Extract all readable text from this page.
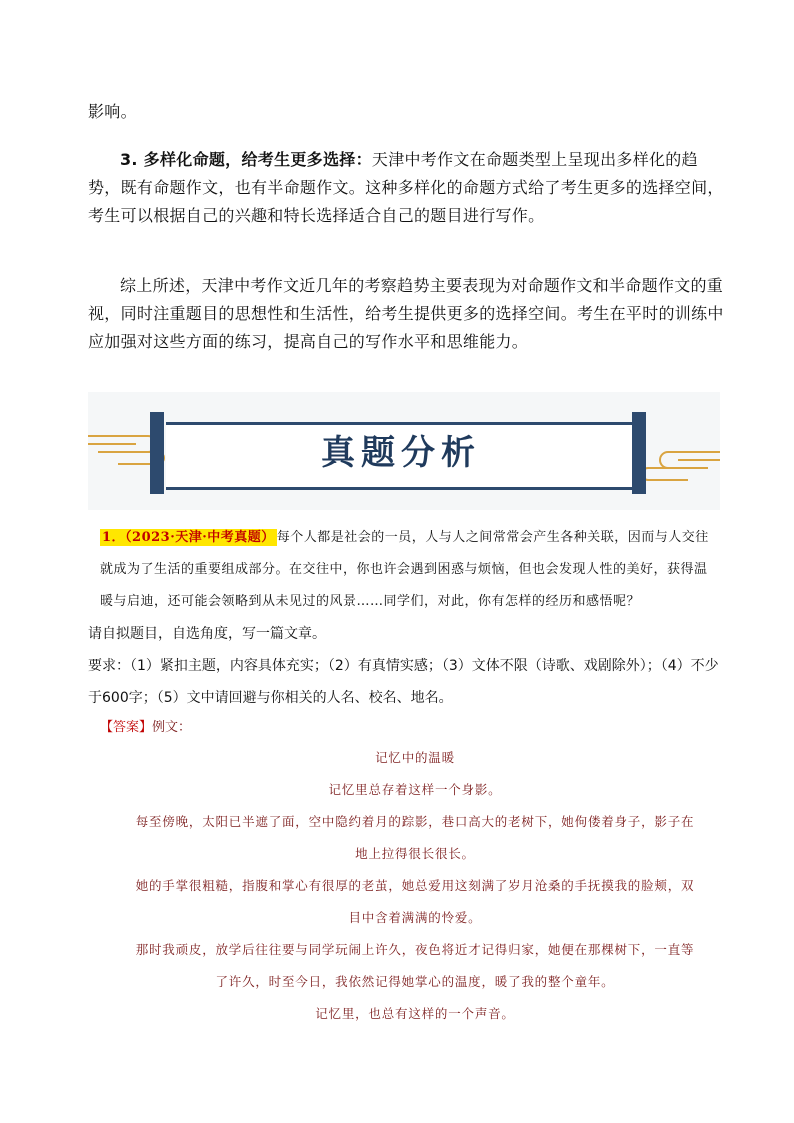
影响。

3. 多样化命题，给考生更多选择：天津中考作文在命题类型上呈现出多样化的趋势，既有命题作文，也有半命题作文。这种多样化的命题方式给了考生更多的选择空间，考生可以根据自己的兴趣和特长选择适合自己的题目进行写作。

综上所述，天津中考作文近几年的考察趋势主要表现为对命题作文和半命题作文的重视，同时注重题目的思想性和生活性，给考生提供更多的选择空间。考生在平时的训练中应加强对这些方面的练习，提高自己的写作水平和思维能力。

真题分析

1．（2023·天津·中考真题） 每个人都是社会的一员，人与人之间常常会产生各种关联，因而与人交往就成为了生活的重要组成部分。在交往中，你也许会遇到困惑与烦恼，但也会发现人性的美好，获得温暖与启迪，还可能会领略到从未见过的风景……同学们，对此，你有怎样的经历和感悟呢？

请自拟题目，自选角度，写一篇文章。

要求：（1）紧扣主题，内容具体充实；（2）有真情实感；（3）文体不限（诗歌、戏剧除外）；（4）不少于600字；（5）文中请回避与你相关的人名、校名、地名。

【答案】例文：

记忆中的温暖

记忆里总存着这样一个身影。

每至傍晚，太阳已半遮了面，空中隐约着月的踪影，巷口高大的老树下，她佝偻着身子，影子在

地上拉得很长很长。

她的手掌很粗糙，指腹和掌心有很厚的老茧，她总爱用这刻满了岁月沧桑的手抚摸我的脸颊，双

目中含着满满的怜爱。

那时我顽皮，放学后往往要与同学玩闹上许久，夜色将近才记得归家，她便在那棵树下，一直等

了许久，时至今日，我依然记得她掌心的温度，暖了我的整个童年。

记忆里，也总有这样的一个声音。
